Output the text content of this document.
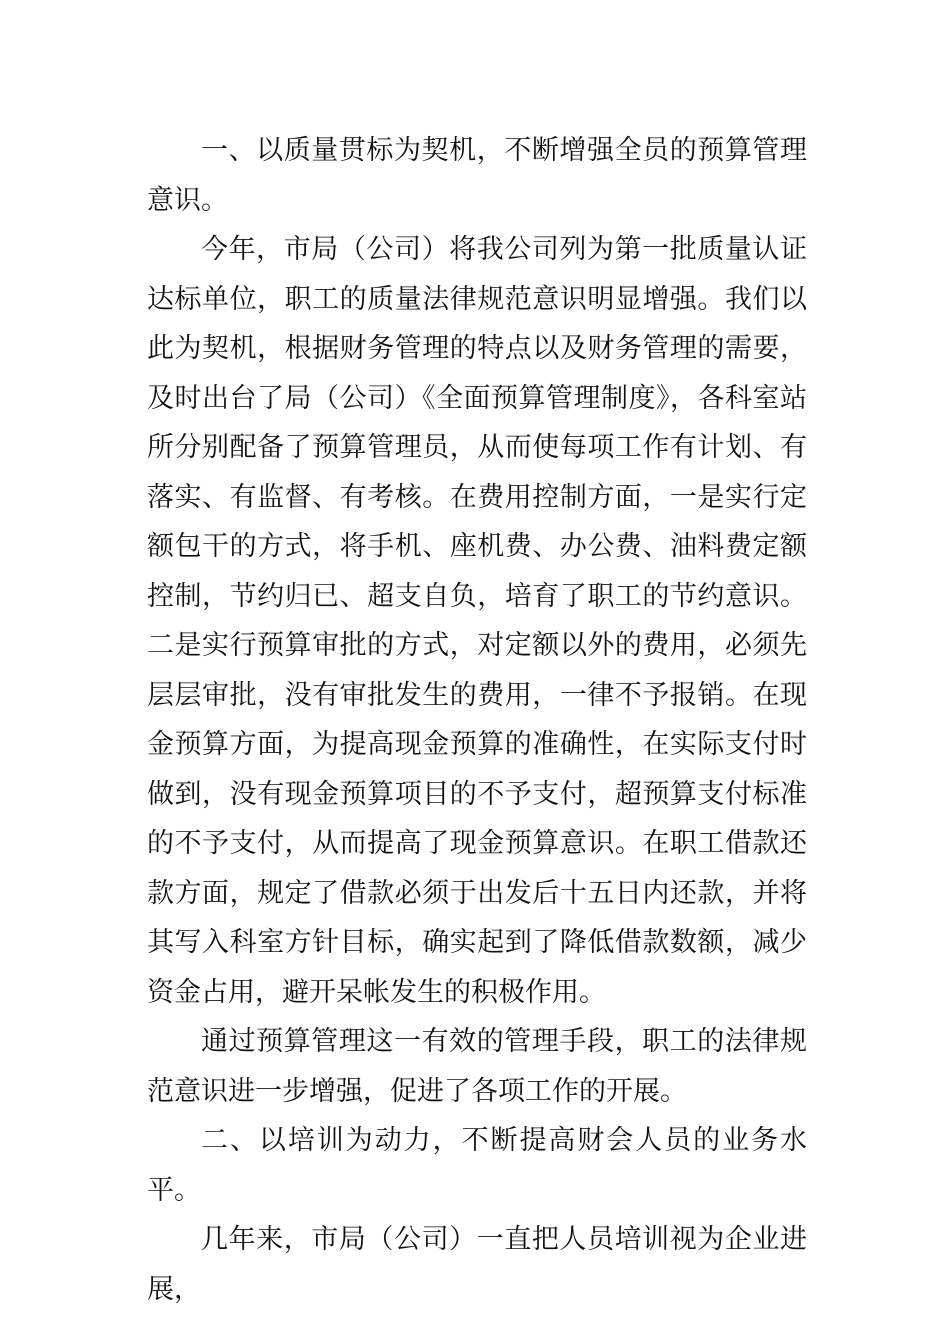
一、以质量贯标为契机，不断增强全员的预算管理意识。

今年，市局（公司）将我公司列为第一批质量认证达标单位，职工的质量法律规范意识明显增强。我们以此为契机，根据财务管理的特点以及财务管理的需要，及时出台了局（公司）《全面预算管理制度》，各科室站所分别配备了预算管理员，从而使每项工作有计划、有落实、有监督、有考核。在费用控制方面，一是实行定额包干的方式，将手机、座机费、办公费、油料费定额控制，节约归已、超支自负，培育了职工的节约意识。二是实行预算审批的方式，对定额以外的费用，必须先层层审批，没有审批发生的费用，一律不予报销。在现金预算方面，为提高现金预算的准确性，在实际支付时做到，没有现金预算项目的不予支付，超预算支付标准的不予支付，从而提高了现金预算意识。在职工借款还款方面，规定了借款必须于出发后十五日内还款，并将其写入科室方针目标，确实起到了降低借款数额，减少资金占用，避开呆帐发生的积极作用。

通过预算管理这一有效的管理手段，职工的法律规范意识进一步增强，促进了各项工作的开展。

二、以培训为动力，不断提高财会人员的业务水平。

几年来，市局（公司）一直把人员培训视为企业进展，
